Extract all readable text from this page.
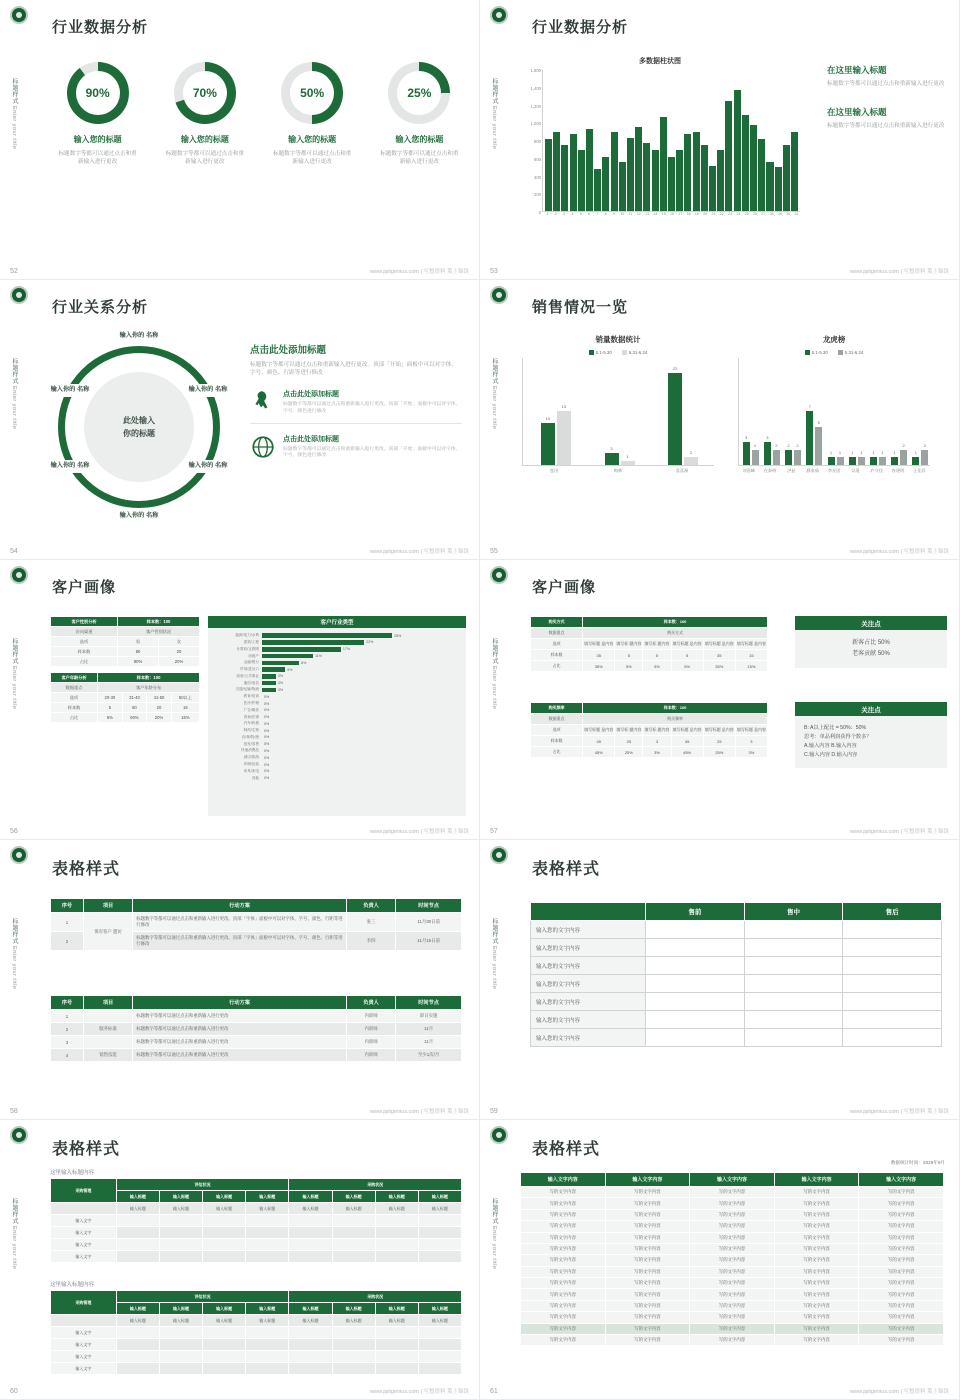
标题样式 Enter your title
行业数据分析
90%
输入您的标题
标题数字等都可以通过点击和重新输入进行更改
70%
输入您的标题
标题数字等都可以通过点击和重新输入进行更改
50%
输入您的标题
标题数字等都可以通过点击和重新输入进行更改
25%
输入您的标题
标题数字等都可以通过点击和重新输入进行更改
52	www.pptgenius.com | 写想资料 策上锦饼
标题样式 Enter your title
行业数据分析
多数据柱状图
1,600
1,400
1,200
1,000
800
600
400
200
0	1	2	3	4	5	6	7	8	9	10	11	12	13	14	15	16	17	18	19	20	21	22	23	24	25	26	27	28	29	30	31
在这里输入标题

标题数字等都可以通过点击和重新输入进行更改

在这里输入标题

标题数字等都可以通过点击和重新输入进行更改

53	www.pptgenius.com | 写想资料 策上锦饼
标题样式 Enter your title
行业关系分析
此处输入
你的标题
输入你的 名称
输入你的 名称
输入你的 名称
输入你的 名称
输入你的 名称
输入你的 名称
点击此处添加标题

标题数字等都可以通过点击和重新输入进行更改。顶部「开始」面板中可以对字体、字号、颜色、行距等进行修改

点击此处添加标题

标题数字等都可以通过点击和重新输入进行更改。顶部「开始」面板中可以对字体、字号、颜色进行修改

点击此处添加标题

标题数字等都可以通过点击和重新输入进行更改。顶部「开始」面板中可以对字体、字号、颜色进行修改

54	www.pptgenius.com | 写想资料 策上锦饼
标题样式 Enter your title
销售情况一览
销量数据统计
5.1-5.30	5.31-6.24
10
13
3
1
22
2
莲田	梅林	喜喜源
龙虎榜
5.1-5.30	5.31-6.24
3
2
3
2	2	2
7
5
1	1	1	1	1	1	1
2
1
2
刘嘉峰	在泰明	洪兹	静家茹	李亚团	吴琨	庐守佳	容建明	王佳祥
55	www.pptgenius.com | 写想资料 策上锦饼
标题样式 Enter your title
客户画像
客户性别分析	样本数：100	
访问渠道	客户性别状况	
选项	男	女
样本数	80	20
占比	80%	20%
客户年龄分析	样本数：100			
数据重点	客户年龄分布			
选项	20-30	31-40	41-50	50以上
样本数	5	60	20	15
占比	5%	60%	20%	15%
客户行业类型
能源/电力/水利	28%
建筑/工程	22%
计算机/互联网	17%
房地产	11%
金融/银行	8%
贸易/进出口	5%
政府/公共事业	3%
通信/电信	3%
交通/运输/物流	3%
教育/培训	0%
医疗/护理	0%
广告/媒体	0%
咨询/法律	0%
汽车/机械	0%
制药/生物	0%
农/林/牧/渔	0%
批发/零售	0%
快速消费品	0%
酒店/旅游	0%
印刷/包装	0%
家具/家电	0%
其他	0%
56	www.pptgenius.com | 写想资料 策上锦饼
标题样式 Enter your title
客户画像
购买方式	样本数：100					
数据重点	购买方式					
选项	填写标题 是内容	填写标 题内容	填写标 题内容	填写标题 是内容	填写标题 是内容	填写标题 是内容
样本数	35	5	5	5	35	15
占比	35%	5%	5%	5%	35%	15%
购买频率	样本数：100					
数据重点	购买频率					
选项	填写标题 是内容	填写标 题内容	填写标 题内容	填写标题 是内容	填写标题 是内容	填写标题 是内容
样本数	45	25	3	45	25	3
占比	45%	25%	3%	45%	25%	3%
关注点
新客占比 50%
老客贡献 50%
关注点
B: A以上配比 = 50%：50%
思考：单品利润获得个数多？
A.输入内容 B.输入内容
C.输入内容 D.输入内容
57	www.pptgenius.com | 写想资料 策上锦饼
标题样式 Enter your title
表格样式
序号	项目	行动方案	负责人	时间节点
1	保有客户 邀访	标题数字等都可以通过点击和重新输入进行更改。顶部「字体」面板中可以对字体、字号、颜色、行距等进行修改	张三	11月30日前
2		标题数字等都可以通过点击和重新输入进行更改。顶部「字体」面板中可以对字体、字号、颜色、行距等进行修改	李四	11月15日前
序号	项目	行动方案	负责人	时间节点
1		标题数字等都可以通过点击和重新输入进行更改	内训师	即日实施
2	服务标准	标题数字等都可以通过点击和重新输入进行更改	内训师	11月
3		标题数字等都可以通过点击和重新输入进行更改	内训师	11月
4	销售技能	标题数字等都可以通过点击和重新输入进行更改	内训师	至少1次/月
58	www.pptgenius.com | 写想资料 策上锦饼
标题样式 Enter your title
表格样式
	售前	售中	售后
输入您的文字内容			
输入您的文字内容			
输入您的文字内容			
输入您的文字内容			
输入您的文字内容			
输入您的文字内容			
输入您的文字内容			
59	www.pptgenius.com | 写想资料 策上锦饼
标题样式 Enter your title
表格样式
这里输入标题内容
采购管理	评估状况				采购状况			
	输入标题	输入标题	输入标题	输入标题	输入标题	输入标题	输入标题	输入标题
	输入标题	输入标题	输入标题	输入标题	输入标题	输入标题	输入标题	输入标题
输入文字								
输入文字								
输入文字								
输入文字								
这里输入标题内容
采购管理	评估状况				采购状况			
	输入标题	输入标题	输入标题	输入标题	输入标题	输入标题	输入标题	输入标题
	输入标题	输入标题	输入标题	输入标题	输入标题	输入标题	输入标题	输入标题
输入文字								
输入文字								
输入文字								
输入文字								
60	www.pptgenius.com | 写想资料 策上锦饼
标题样式 Enter your title
表格样式
数据统计时间：2029年9月
输入文字内容	输入文字内容	输入文字内容	输入文字内容	输入文字内容
写的文字内容	写的文字内容	写的文字内容	写的文字内容	写的文字内容
写的文字内容	写的文字内容	写的文字内容	写的文字内容	写的文字内容
写的文字内容	写的文字内容	写的文字内容	写的文字内容	写的文字内容
写的文字内容	写的文字内容	写的文字内容	写的文字内容	写的文字内容
写的文字内容	写的文字内容	写的文字内容	写的文字内容	写的文字内容
写的文字内容	写的文字内容	写的文字内容	写的文字内容	写的文字内容
写的文字内容	写的文字内容	写的文字内容	写的文字内容	写的文字内容
写的文字内容	写的文字内容	写的文字内容	写的文字内容	写的文字内容
写的文字内容	写的文字内容	写的文字内容	写的文字内容	写的文字内容
写的文字内容	写的文字内容	写的文字内容	写的文字内容	写的文字内容
写的文字内容	写的文字内容	写的文字内容	写的文字内容	写的文字内容
写的文字内容	写的文字内容	写的文字内容	写的文字内容	写的文字内容
写的文字内容	写的文字内容	写的文字内容	写的文字内容	写的文字内容
写的文字内容	写的文字内容	写的文字内容	写的文字内容	写的文字内容
61	www.pptgenius.com | 写想资料 策上锦饼
